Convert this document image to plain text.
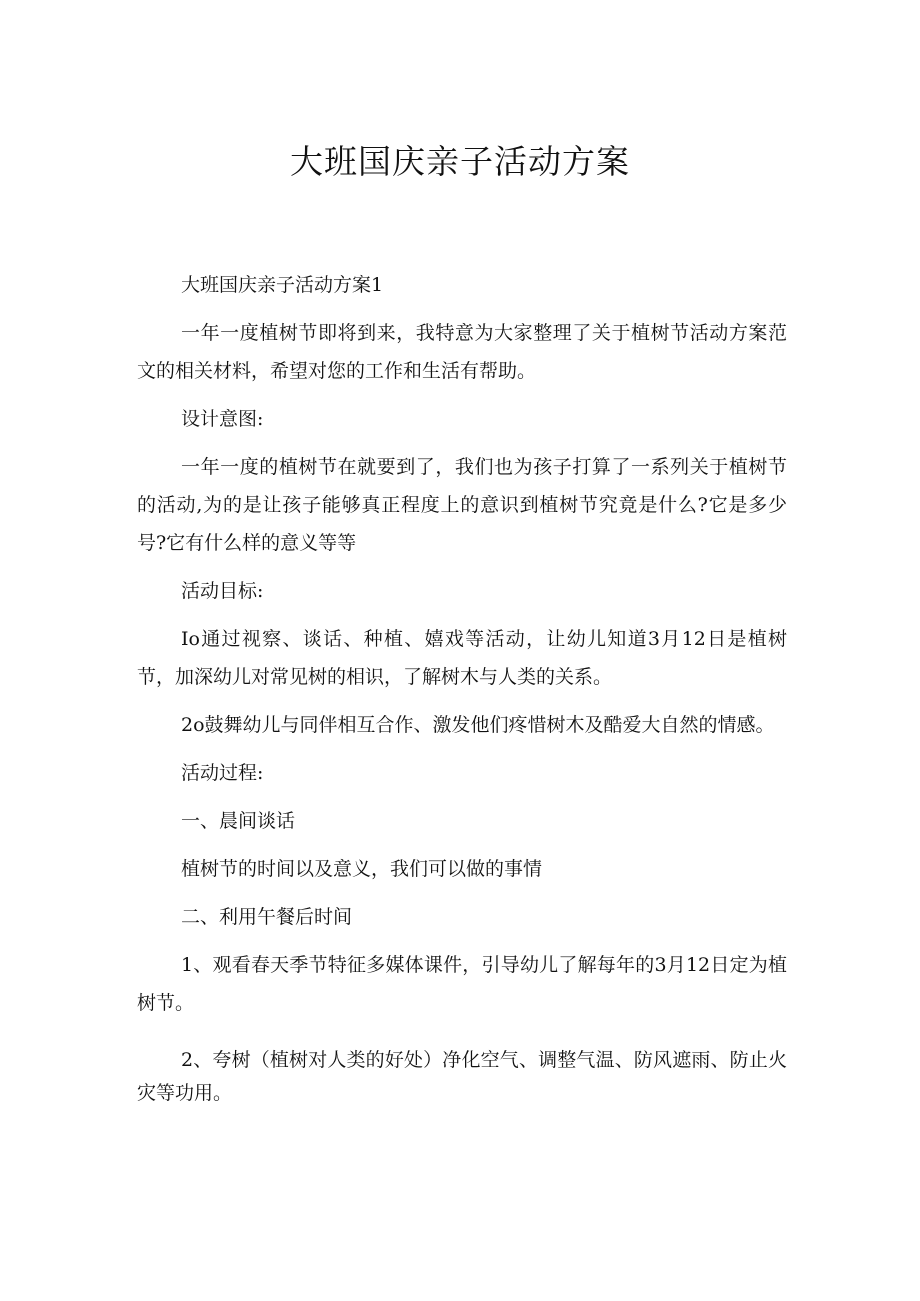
大班国庆亲子活动方案

大班国庆亲子活动方案1

一年一度植树节即将到来，我特意为大家整理了关于植树节活动方案范文的相关材料，希望对您的工作和生活有帮助。

设计意图:

一年一度的植树节在就要到了，我们也为孩子打算了一系列关于植树节的活动,为的是让孩子能够真正程度上的意识到植树节究竟是什么?它是多少号?它有什么样的意义等等

活动目标:

Io通过视察、谈话、种植、嬉戏等活动，让幼儿知道3月12日是植树节，加深幼儿对常见树的相识，了解树木与人类的关系。

2o鼓舞幼儿与同伴相互合作、激发他们疼惜树木及酷爱大自然的情感。

活动过程:

一、晨间谈话

植树节的时间以及意义，我们可以做的事情

二、利用午餐后时间

1、观看春天季节特征多媒体课件，引导幼儿了解每年的3月12日定为植树节。

2、夸树（植树对人类的好处）净化空气、调整气温、防风遮雨、防止火灾等功用。
